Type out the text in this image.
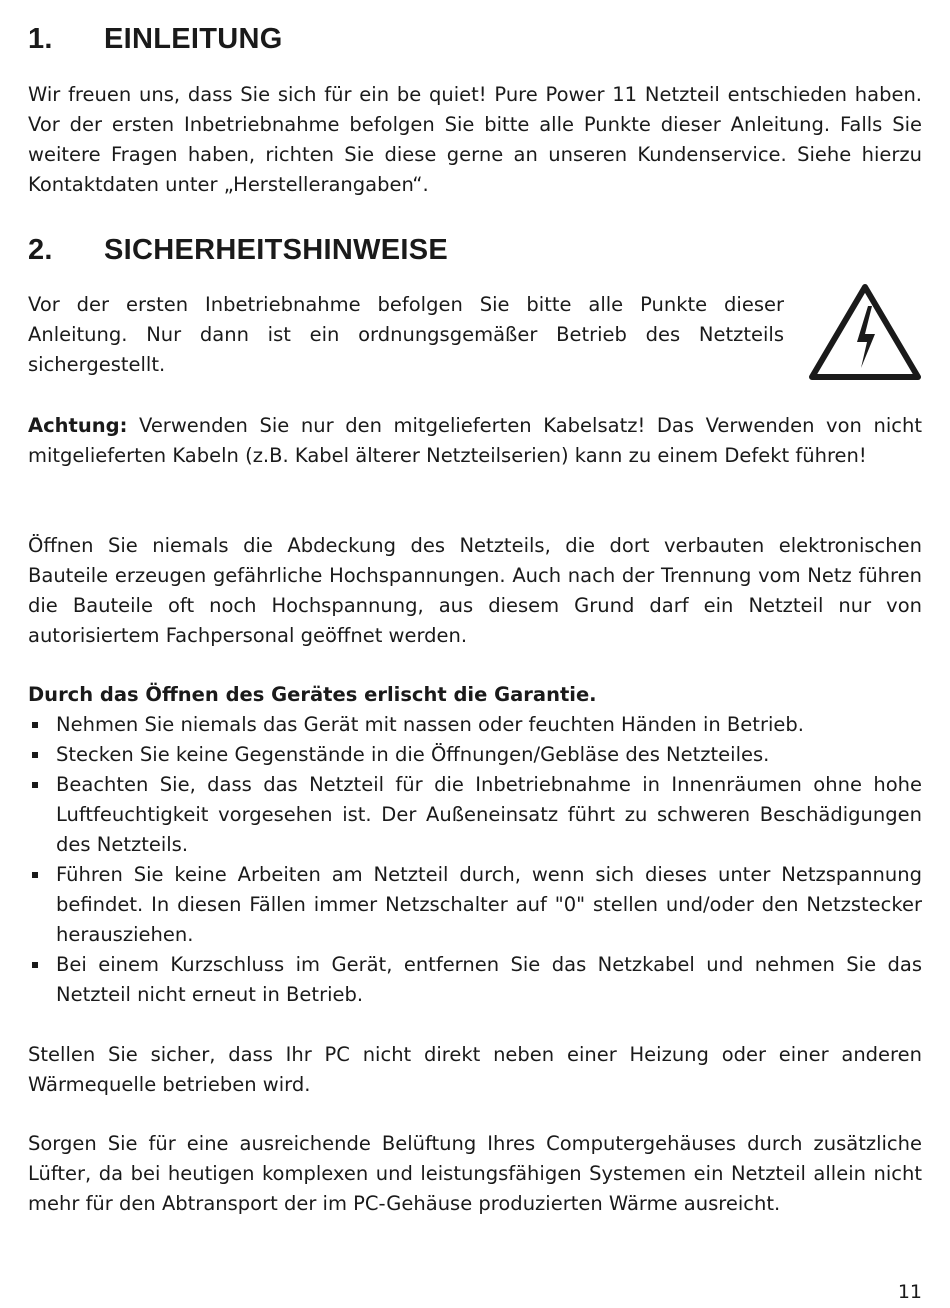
1. EINLEITUNG

Wir freuen uns, dass Sie sich für ein be quiet! Pure Power 11 Netzteil entschieden haben. Vor der ersten Inbetriebnahme befolgen Sie bitte alle Punkte dieser Anleitung. Falls Sie weitere Fragen haben, richten Sie diese gerne an unseren Kundenservice. Siehe hierzu Kontaktdaten unter „Herstellerangaben“.

2. SICHERHEITSHINWEISE

Vor der ersten Inbetriebnahme befolgen Sie bitte alle Punkte dieser Anleitung. Nur dann ist ein ordnungsgemäßer Betrieb des Netzteils sichergestellt.

Achtung: Verwenden Sie nur den mitgelieferten Kabelsatz! Das Verwenden von nicht mitgelieferten Kabeln (z.B. Kabel älterer Netzteilserien) kann zu einem Defekt führen!

Öffnen Sie niemals die Abdeckung des Netzteils, die dort verbauten elektronischen Bauteile erzeugen gefährliche Hochspannungen. Auch nach der Trennung vom Netz führen die Bauteile oft noch Hochspannung, aus diesem Grund darf ein Netzteil nur von autorisiertem Fachpersonal geöffnet werden.

Durch das Öffnen des Gerätes erlischt die Garantie.

Nehmen Sie niemals das Gerät mit nassen oder feuchten Händen in Betrieb.
Stecken Sie keine Gegenstände in die Öffnungen/Gebläse des Netzteiles.
Beachten Sie, dass das Netzteil für die Inbetriebnahme in Innenräumen ohne hohe Luftfeuchtigkeit vorgesehen ist. Der Außeneinsatz führt zu schweren Beschädigungen des Netzteils.
Führen Sie keine Arbeiten am Netzteil durch, wenn sich dieses unter Netzspannung befindet. In diesen Fällen immer Netzschalter auf "0" stellen und/oder den Netzstecker herausziehen.
Bei einem Kurzschluss im Gerät, entfernen Sie das Netzkabel und nehmen Sie das Netzteil nicht erneut in Betrieb.

Stellen Sie sicher, dass Ihr PC nicht direkt neben einer Heizung oder einer anderen Wärmequelle betrieben wird.

Sorgen Sie für eine ausreichende Belüftung Ihres Computergehäuses durch zusätzliche Lüfter, da bei heutigen komplexen und leistungsfähigen Systemen ein Netzteil allein nicht mehr für den Abtransport der im PC-Gehäuse produzierten Wärme ausreicht.

11
